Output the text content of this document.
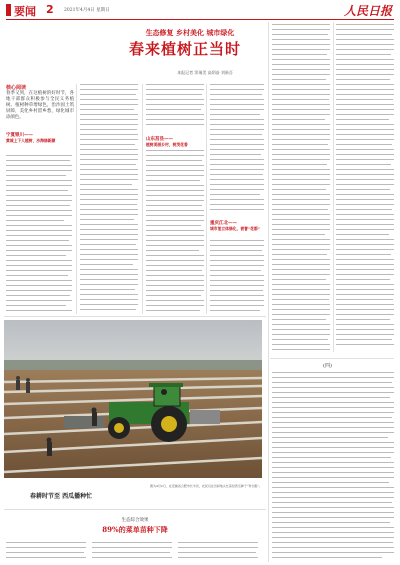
要闻 2 2021年4月4日 星期日	人民日报
生态修复 乡村美化 城市绿化
春来植树正当时
本报记者 窦瑞美 高炳奋 刘新吾
核心阅读
春季又到，在这植树的好时节，各地干部群众积极参与全民义务植树。植树种草增绿色，治沙固土筑屏障，美化乡村留乡愁，绿化城市添颜色。
宁夏银川——
黄城上下人植树，沙海绿新颜	山东莒县——
植树美丽乡村，树茂花香
重庆江北——
城市复立体绿化，被誉“花都”
(四)
春耕时节至 西瓜播种忙
图为4月2日，在安徽省合肥市长丰县，农民们在田间地头忙着给西瓜种子“穿衣服”。
生态综合效果
89%的菜单苗种下降
